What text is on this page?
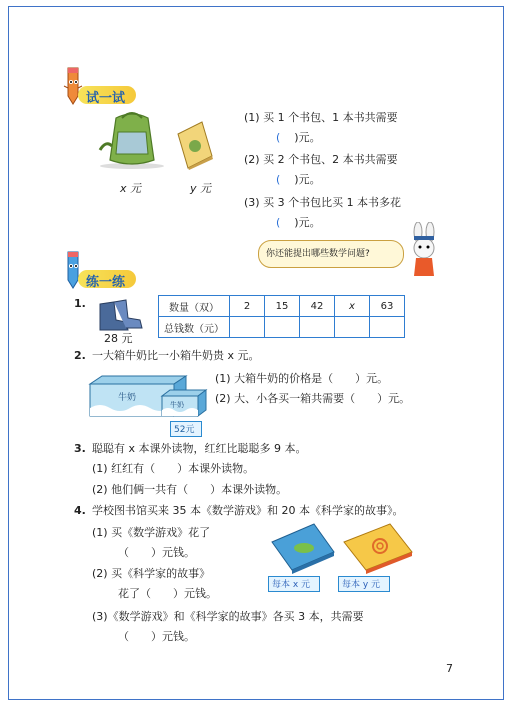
试一试
x 元	y 元
(1) 买 1 个书包、1 本书共需要
( )元。
(2) 买 2 个书包、2 本书共需要
( )元。
(3) 买 3 个书包比买 1 本书多花
( )元。
你还能提出哪些数学问题?
练一练
1.
28 元
数量（双）	2	15	42	x	63
总钱数（元）					
2. 一大箱牛奶比一小箱牛奶贵 x 元。
牛奶
牛奶
52元
(1) 大箱牛奶的价格是（　　）元。
(2) 大、小各买一箱共需要（　　）元。
3. 聪聪有 x 本课外读物，红红比聪聪多 9 本。
(1) 红红有（　　）本课外读物。
(2) 他们俩一共有（　　）本课外读物。
4. 学校图书馆买来 35 本《数学游戏》和 20 本《科学家的故事》。
(1) 买《数学游戏》花了
（　　）元钱。
(2) 买《科学家的故事》
花了（　　）元钱。
(3)《数学游戏》和《科学家的故事》各买 3 本，共需要
（　　）元钱。
每本 x 元	每本 y 元
7
